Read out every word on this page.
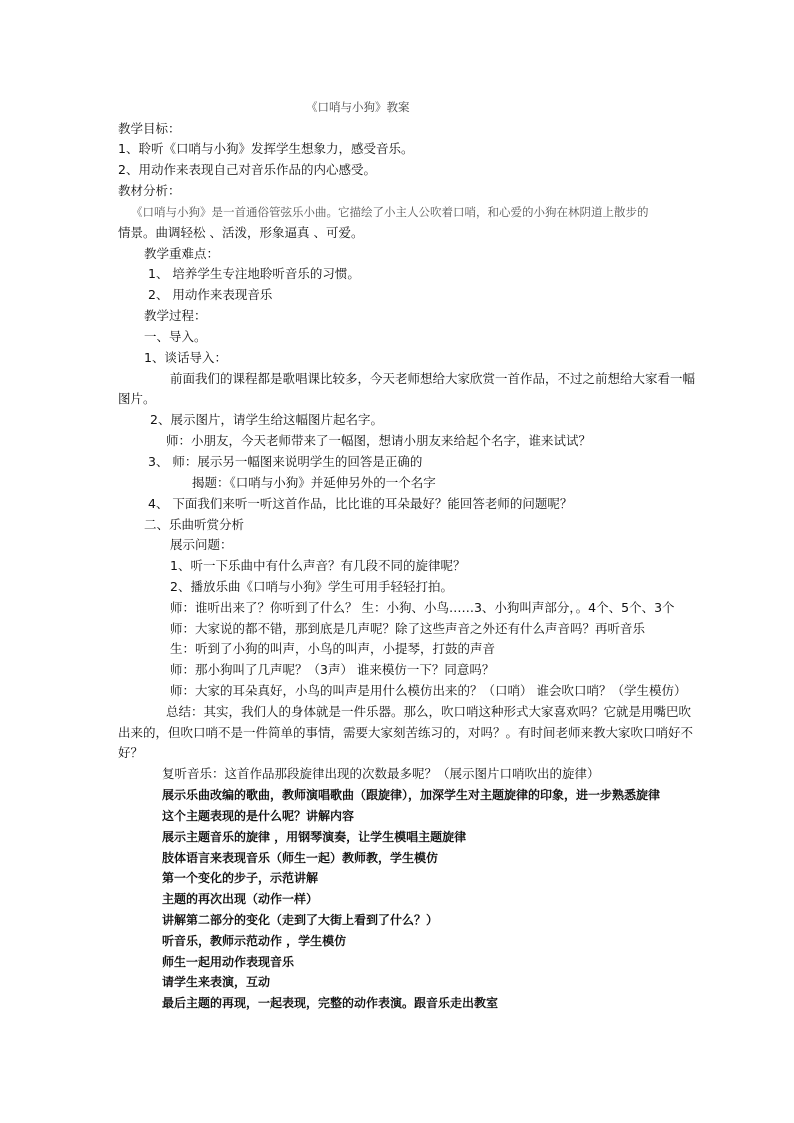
《口哨与小狗》教案
教学目标：
1、聆听《口哨与小狗》发挥学生想象力，感受音乐。
2、用动作来表现自己对音乐作品的内心感受。
教材分析：
《口哨与小狗》是一首通俗管弦乐小曲。它描绘了小主人公吹着口哨，和心爱的小狗在林阴道上散步的
情景。曲调轻松 、活泼，形象逼真 、可爱。
教学重难点：
1、 培养学生专注地聆听音乐的习惯。
2、 用动作来表现音乐
教学过程：
一、导入。
1、谈话导入：
前面我们的课程都是歌唱课比较多，今天老师想给大家欣赏一首作品，不过之前想给大家看一幅
图片。
2、展示图片，请学生给这幅图片起名字。
师：小朋友，今天老师带来了一幅图，想请小朋友来给起个名字，谁来试试？
3、 师：展示另一幅图来说明学生的回答是正确的
揭题：《口哨与小狗》并延伸另外的一个名字
4、 下面我们来听一听这首作品，比比谁的耳朵最好？能回答老师的问题呢？
二、乐曲听赏分析
展示问题：
1、听一下乐曲中有什么声音？有几段不同的旋律呢？
2、播放乐曲《口哨与小狗》学生可用手轻轻打拍。
师：谁听出来了？你听到了什么？ 生：小狗、小鸟……3、小狗叫声部分，。4个、5个、3个
师：大家说的都不错，那到底是几声呢？除了这些声音之外还有什么声音吗？再听音乐
生：听到了小狗的叫声，小鸟的叫声，小提琴，打鼓的声音
师：那小狗叫了几声呢？（3声） 谁来模仿一下？同意吗？
师：大家的耳朵真好，小鸟的叫声是用什么模仿出来的？（口哨） 谁会吹口哨？（学生模仿）
总结：其实，我们人的身体就是一件乐器。那么，吹口哨这种形式大家喜欢吗？它就是用嘴巴吹
出来的，但吹口哨不是一件简单的事情，需要大家刻苦练习的，对吗？。有时间老师来教大家吹口哨好不
好？
复听音乐：这首作品那段旋律出现的次数最多呢？（展示图片口哨吹出的旋律）
展示乐曲改编的歌曲，教师演唱歌曲（跟旋律），加深学生对主题旋律的印象，进一步熟悉旋律
这个主题表现的是什么呢？讲解内容
展示主题音乐的旋律 ，用钢琴演奏，让学生模唱主题旋律
肢体语言来表现音乐（师生一起）教师教，学生模仿
第一个变化的步子，示范讲解
主题的再次出现（动作一样）
讲解第二部分的变化（走到了大街上看到了什么？）
听音乐，教师示范动作 ，学生模仿
师生一起用动作表现音乐
请学生来表演，互动
最后主题的再现，一起表现，完整的动作表演。跟音乐走出教室
